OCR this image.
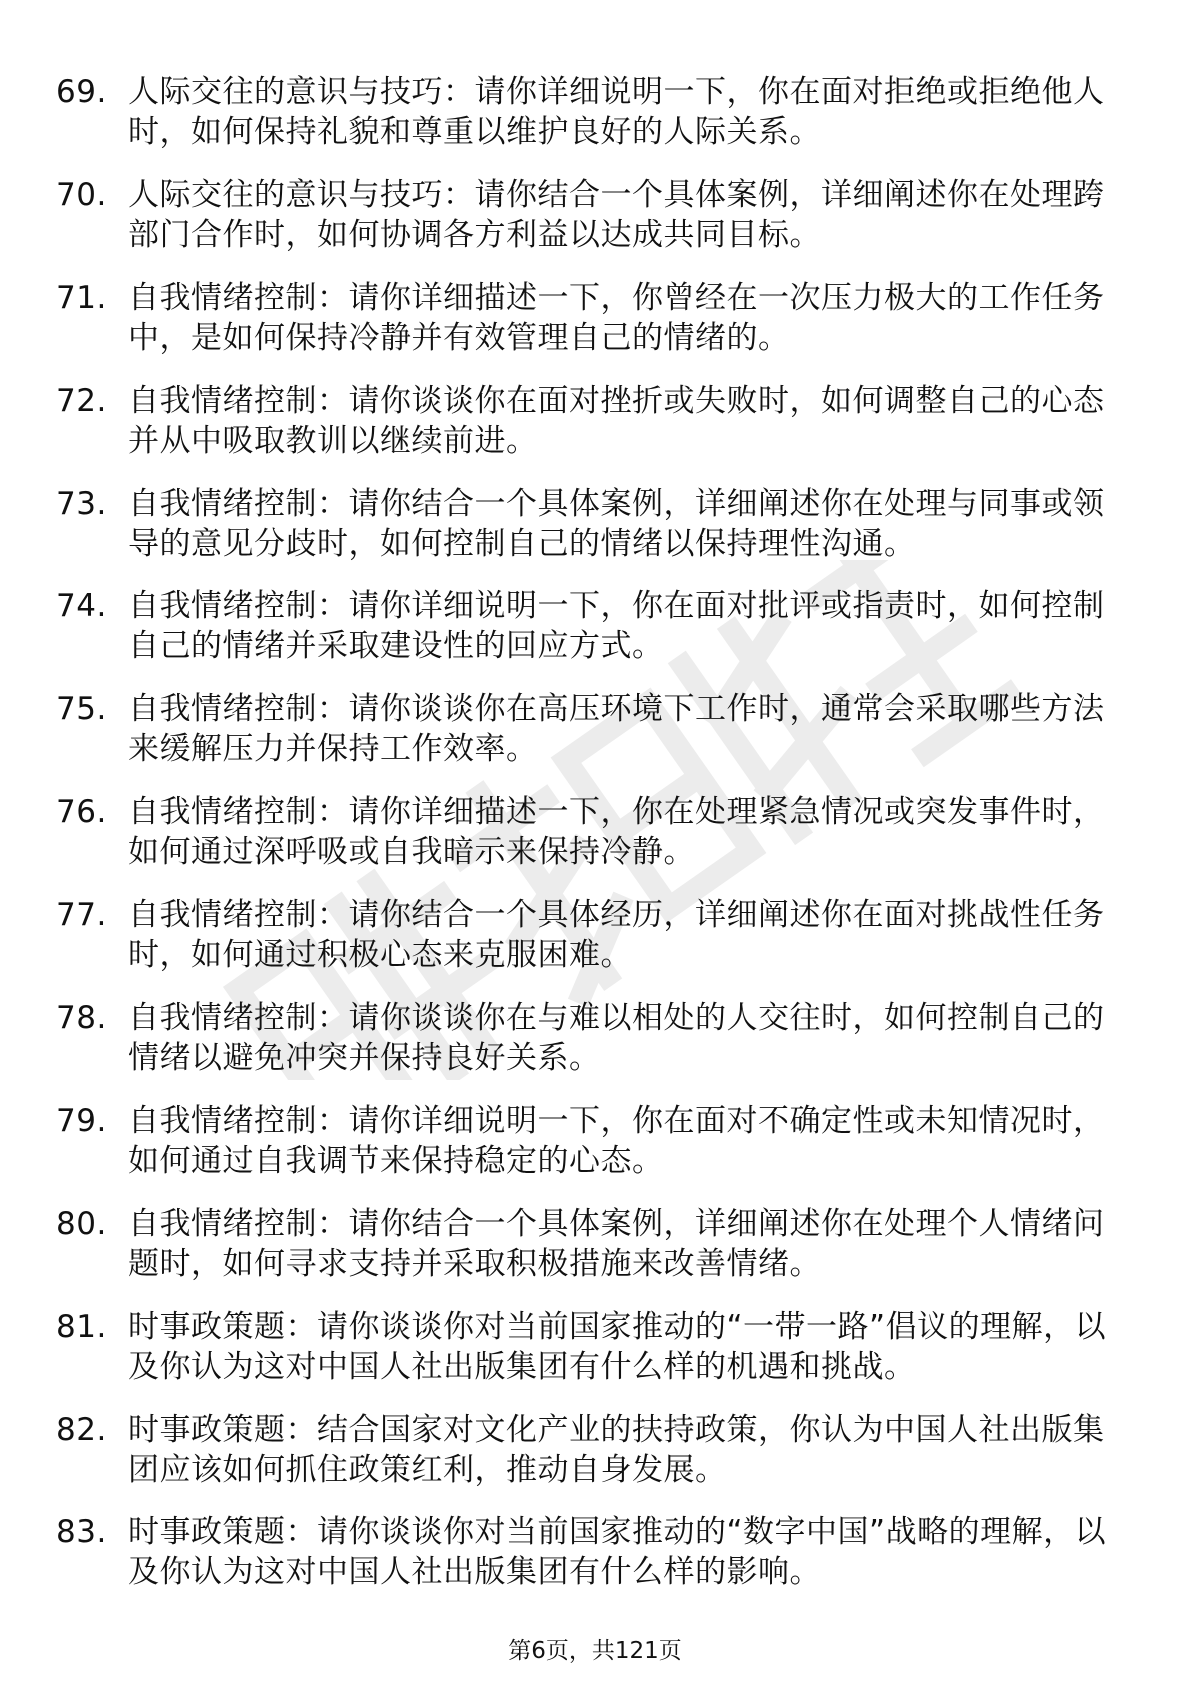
69. 人际交往的意识与技巧：请你详细说明一下，你在面对拒绝或拒绝他人时，如何保持礼貌和尊重以维护良好的人际关系。
70. 人际交往的意识与技巧：请你结合一个具体案例，详细阐述你在处理跨部门合作时，如何协调各方利益以达成共同目标。
71. 自我情绪控制：请你详细描述一下，你曾经在一次压力极大的工作任务中，是如何保持冷静并有效管理自己的情绪的。
72. 自我情绪控制：请你谈谈你在面对挫折或失败时，如何调整自己的心态并从中吸取教训以继续前进。
73. 自我情绪控制：请你结合一个具体案例，详细阐述你在处理与同事或领导的意见分歧时，如何控制自己的情绪以保持理性沟通。
74. 自我情绪控制：请你详细说明一下，你在面对批评或指责时，如何控制自己的情绪并采取建设性的回应方式。
75. 自我情绪控制：请你谈谈你在高压环境下工作时，通常会采取哪些方法来缓解压力并保持工作效率。
76. 自我情绪控制：请你详细描述一下，你在处理紧急情况或突发事件时，如何通过深呼吸或自我暗示来保持冷静。
77. 自我情绪控制：请你结合一个具体经历，详细阐述你在面对挑战性任务时，如何通过积极心态来克服困难。
78. 自我情绪控制：请你谈谈你在与难以相处的人交往时，如何控制自己的情绪以避免冲突并保持良好关系。
79. 自我情绪控制：请你详细说明一下，你在面对不确定性或未知情况时，如何通过自我调节来保持稳定的心态。
80. 自我情绪控制：请你结合一个具体案例，详细阐述你在处理个人情绪问题时，如何寻求支持并采取积极措施来改善情绪。
81. 时事政策题：请你谈谈你对当前国家推动的“一带一路”倡议的理解，以及你认为这对中国人社出版集团有什么样的机遇和挑战。
82. 时事政策题：结合国家对文化产业的扶持政策，你认为中国人社出版集团应该如何抓住政策红利，推动自身发展。
83. 时事政策题：请你谈谈你对当前国家推动的“数字中国”战略的理解，以及你认为这对中国人社出版集团有什么样的影响。
第6页，共121页
